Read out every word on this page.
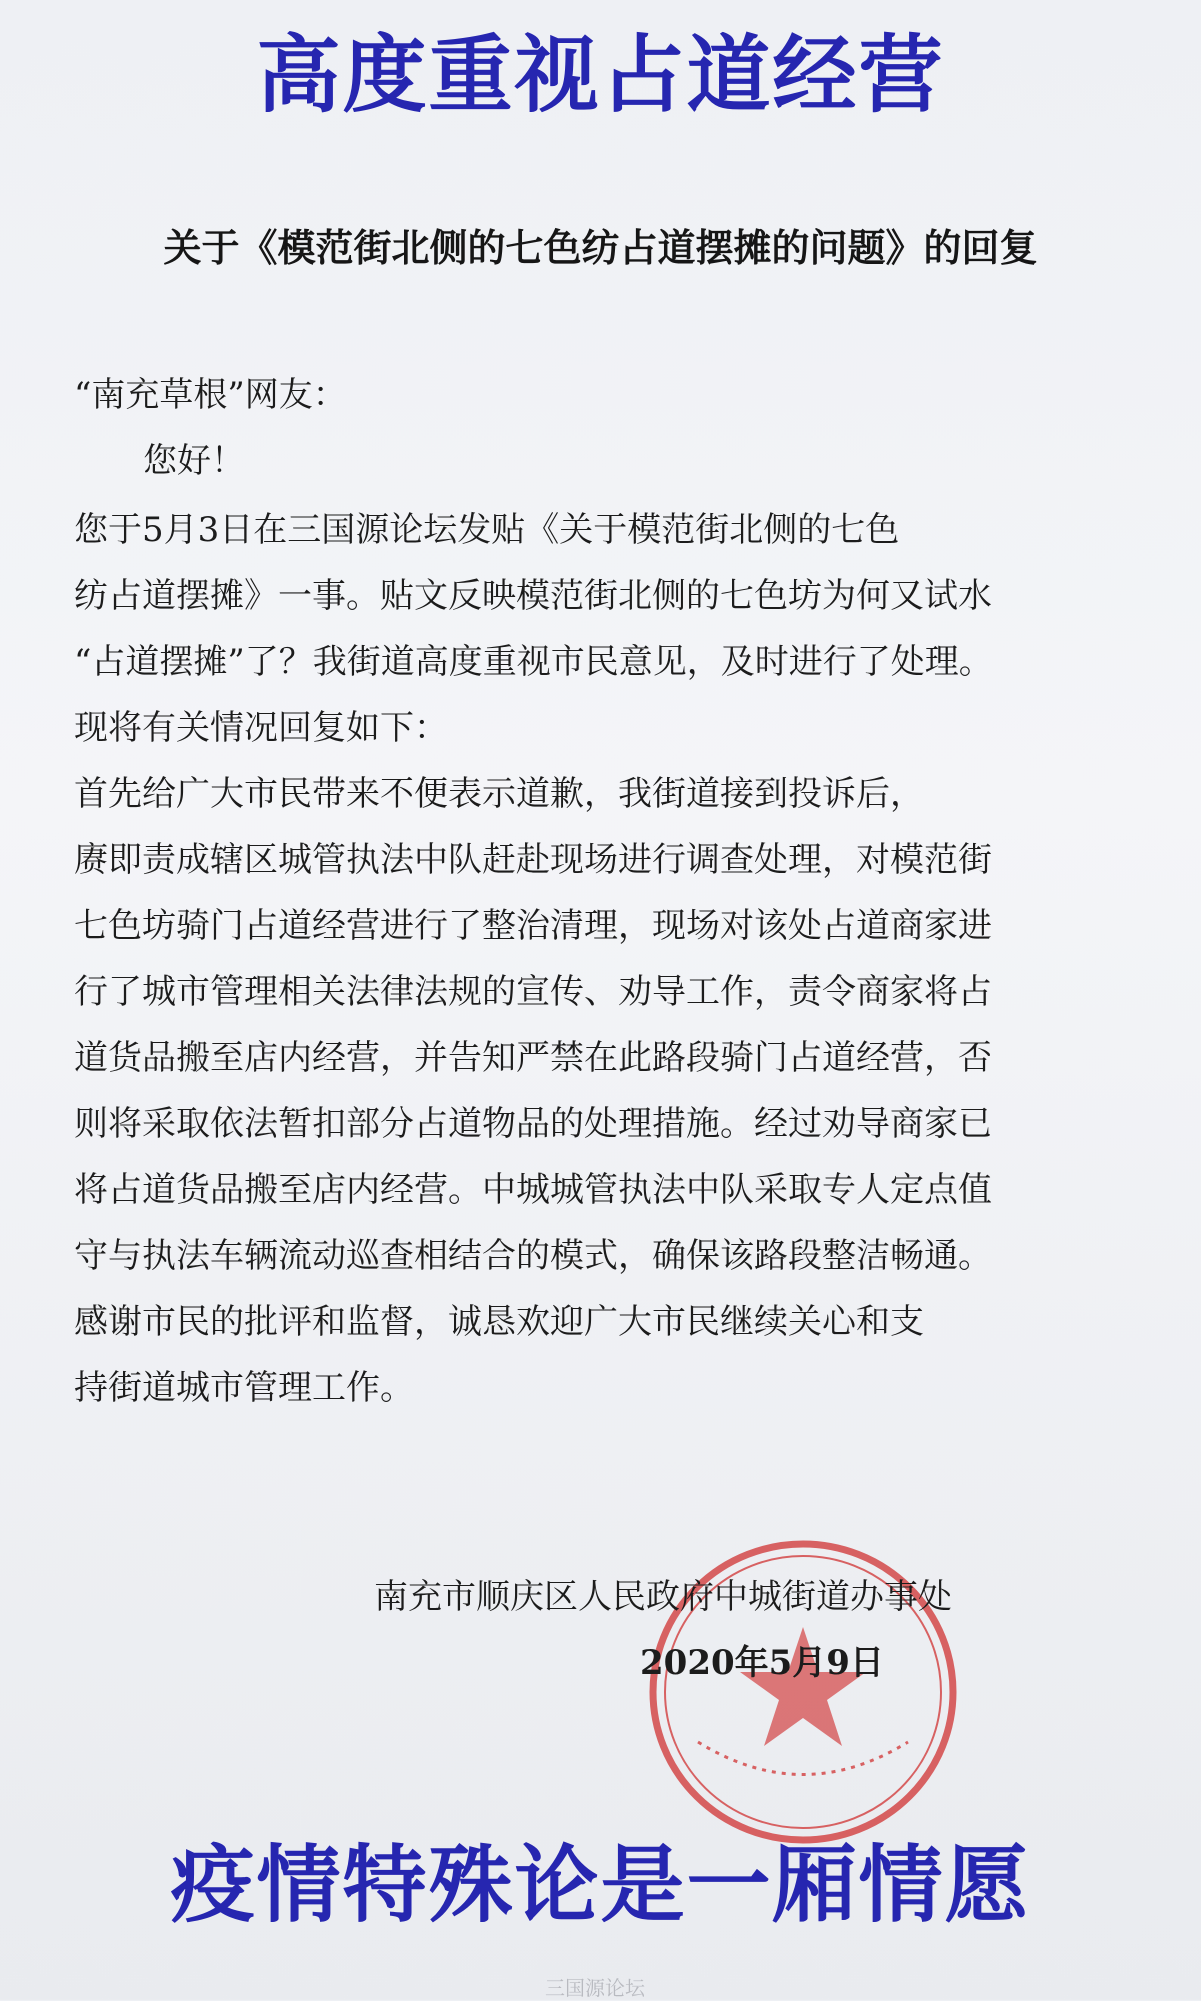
高度重视占道经营
关于《模范街北侧的七色纺占道摆摊的问题》的回复
“南充草根”网友：
您好！
您于5月3日在三国源论坛发贴《关于模范街北侧的七色
纺占道摆摊》一事。贴文反映模范街北侧的七色坊为何又试水
“占道摆摊”了？我街道高度重视市民意见，及时进行了处理。
现将有关情况回复如下：
首先给广大市民带来不便表示道歉，我街道接到投诉后，
赓即责成辖区城管执法中队赶赴现场进行调查处理，对模范街
七色坊骑门占道经营进行了整治清理，现场对该处占道商家进
行了城市管理相关法律法规的宣传、劝导工作，责令商家将占
道货品搬至店内经营，并告知严禁在此路段骑门占道经营，否
则将采取依法暂扣部分占道物品的处理措施。经过劝导商家已
将占道货品搬至店内经营。中城城管执法中队采取专人定点值
守与执法车辆流动巡查相结合的模式，确保该路段整洁畅通。
感谢市民的批评和监督，诚恳欢迎广大市民继续关心和支
持街道城市管理工作。
南充市顺庆区人民政府中城街道办事处
2020年5月9日
疫情特殊论是一厢情愿
三国源论坛
